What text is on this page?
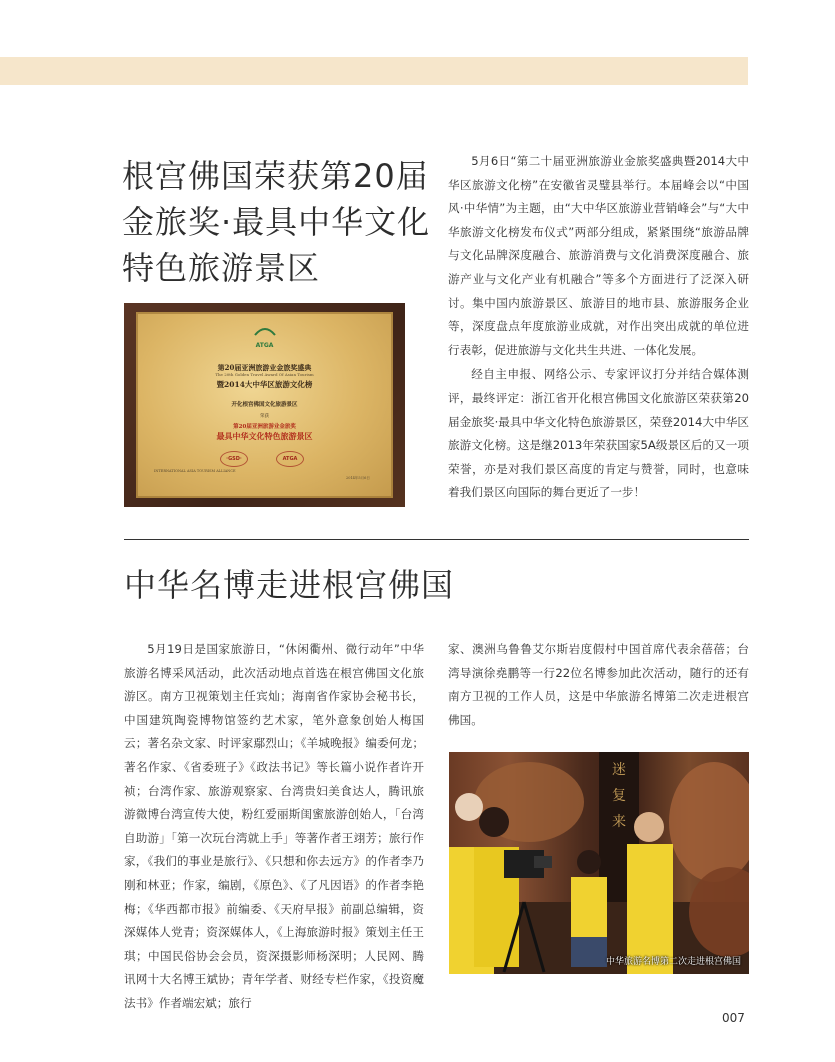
根宫佛国荣获第20届金旅奖·最具中华文化特色旅游景区
ATGA
第20届亚洲旅游业金旅奖盛典
The 20th Golden Travel Award Of Asian Tourism
暨2014大中华区旅游文化榜
开化根宫佛国文化旅游景区
荣获
第20届亚洲旅游业金旅奖
最具中华文化特色旅游景区
·GSD·	ATGA
INTERNATIONAL ASIA TOURISM ALLIANCE
2014年5月6日

5月6日“第二十届亚洲旅游业金旅奖盛典暨2014大中华区旅游文化榜”在安徽省灵璧县举行。本届峰会以“中国风·中华情”为主题，由“大中华区旅游业营销峰会”与“大中华旅游文化榜发布仪式”两部分组成，紧紧围绕“旅游品牌与文化品牌深度融合、旅游消费与文化消费深度融合、旅游产业与文化产业有机融合”等多个方面进行了泛深入研讨。集中国内旅游景区、旅游目的地市县、旅游服务企业等，深度盘点年度旅游业成就，对作出突出成就的单位进行表彰，促进旅游与文化共生共进、一体化发展。

经自主申报、网络公示、专家评议打分并结合媒体测评，最终评定：浙江省开化根宫佛国文化旅游区荣获第20届金旅奖·最具中华文化特色旅游景区，荣登2014大中华区旅游文化榜。这是继2013年荣获国家5A级景区后的又一项荣誉，亦是对我们景区高度的肯定与赞誉，同时，也意味着我们景区向国际的舞台更近了一步！

中华名博走进根宫佛国

5月19日是国家旅游日，“休闲衢州、微行动年”中华旅游名博采风活动，此次活动地点首选在根宫佛国文化旅游区。南方卫视策划主任宾灿；海南省作家协会秘书长，中国建筑陶瓷博物馆签约艺术家，笔外意象创始人梅国云；著名杂文家、时评家鄢烈山；《羊城晚报》编委何龙；著名作家、《省委班子》《政法书记》等长篇小说作者许开祯；台湾作家、旅游观察家、台湾贵妇美食达人，腾讯旅游微博台湾宣传大使，粉红爱丽斯闺蜜旅游创始人，「台湾自助游」「第一次玩台湾就上手」等著作者王翊芳；旅行作家，《我们的事业是旅行》、《只想和你去远方》的作者李乃刚和林亚；作家，编剧，《原色》、《了凡因语》的作者李艳梅；《华西都市报》前编委、《天府早报》前副总编辑，资深媒体人党青；资深媒体人，《上海旅游时报》策划主任王琪；中国民俗协会会员，资深摄影师杨深明；人民网、腾讯网十大名博王斌协；青年学者、财经专栏作家，《投资魔法书》作者端宏斌；旅行

家、澳洲乌鲁鲁艾尔斯岩度假村中国首席代表余蓓蓓；台湾导演徐堯鹏等一行22位名博参加此次活动，随行的还有南方卫视的工作人员，这是中华旅游名博第二次走进根宫佛国。

迷
复
来
中华旅游名博第二次走进根宫佛国
007
